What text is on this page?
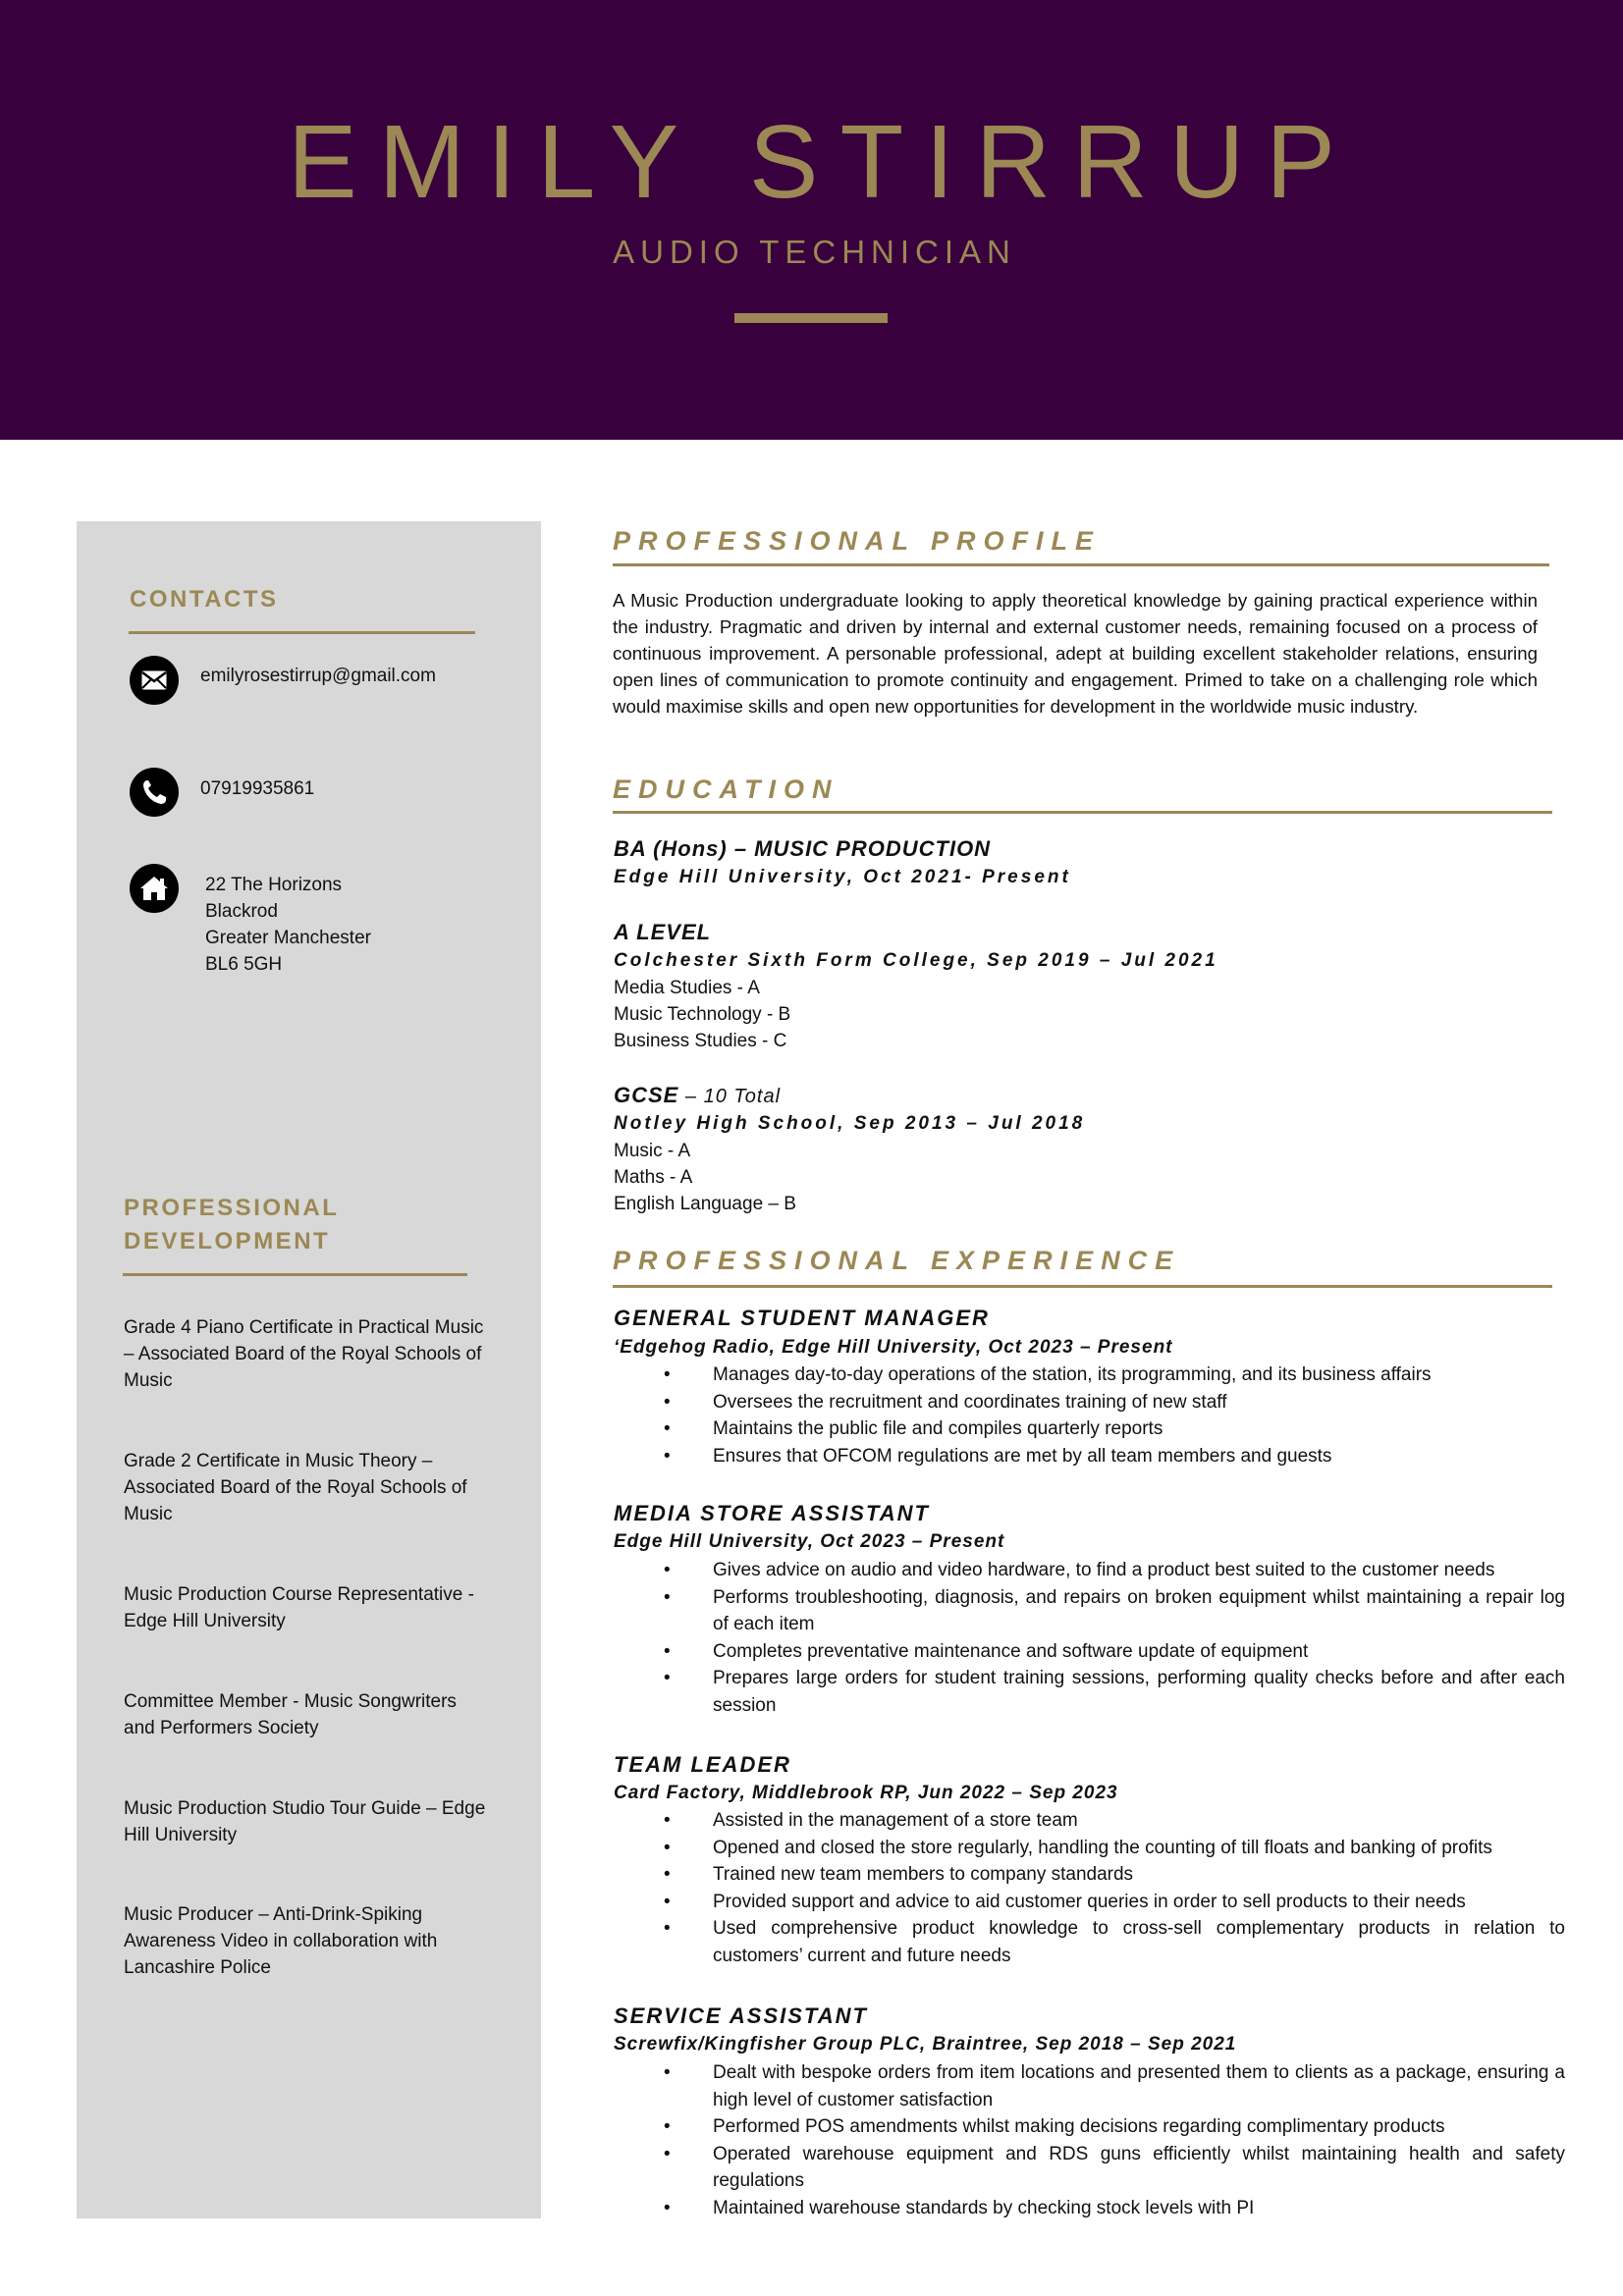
EMILY STIRRUP
AUDIO TECHNICIAN
CONTACTS
emilyrosestirrup@gmail.com
07919935861
22 The Horizons
Blackrod
Greater Manchester
BL6 5GH
PROFESSIONAL
DEVELOPMENT
Grade 4 Piano Certificate in Practical Music – Associated Board of the Royal Schools of Music
Grade 2 Certificate in Music Theory – Associated Board of the Royal Schools of Music
Music Production Course Representative - Edge Hill University
Committee Member - Music Songwriters and Performers Society
Music Production Studio Tour Guide – Edge Hill University
Music Producer – Anti-Drink-Spiking Awareness Video in collaboration with Lancashire Police
PROFESSIONAL PROFILE
A Music Production undergraduate looking to apply theoretical knowledge by gaining practical experience within the industry. Pragmatic and driven by internal and external customer needs, remaining focused on a process of continuous improvement. A personable professional, adept at building excellent stakeholder relations, ensuring open lines of communication to promote continuity and engagement. Primed to take on a challenging role which would maximise skills and open new opportunities for development in the worldwide music industry.
EDUCATION
BA (Hons) – MUSIC PRODUCTION
Edge Hill University, Oct 2021- Present
A LEVEL
Colchester Sixth Form College, Sep 2019 – Jul 2021
Media Studies - A
Music Technology - B
Business Studies - C
GCSE – 10 Total
Notley High School, Sep 2013 – Jul 2018
Music - A
Maths - A
English Language – B
PROFESSIONAL EXPERIENCE
GENERAL STUDENT MANAGER
‘Edgehog Radio, Edge Hill University, Oct 2023 – Present
• Manages day-to-day operations of the station, its programming, and its business affairs
• Oversees the recruitment and coordinates training of new staff
• Maintains the public file and compiles quarterly reports
• Ensures that OFCOM regulations are met by all team members and guests
MEDIA STORE ASSISTANT
Edge Hill University, Oct 2023 – Present
• Gives advice on audio and video hardware, to find a product best suited to the customer needs
• Performs troubleshooting, diagnosis, and repairs on broken equipment whilst maintaining a repair log of each item
• Completes preventative maintenance and software update of equipment
• Prepares large orders for student training sessions, performing quality checks before and after each session
TEAM LEADER
Card Factory, Middlebrook RP, Jun 2022 – Sep 2023
• Assisted in the management of a store team
• Opened and closed the store regularly, handling the counting of till floats and banking of profits
• Trained new team members to company standards
• Provided support and advice to aid customer queries in order to sell products to their needs
• Used comprehensive product knowledge to cross-sell complementary products in relation to customers’ current and future needs
SERVICE ASSISTANT
Screwfix/Kingfisher Group PLC, Braintree, Sep 2018 – Sep 2021
• Dealt with bespoke orders from item locations and presented them to clients as a package, ensuring a high level of customer satisfaction
• Performed POS amendments whilst making decisions regarding complimentary products
• Operated warehouse equipment and RDS guns efficiently whilst maintaining health and safety regulations
• Maintained warehouse standards by checking stock levels with PI
